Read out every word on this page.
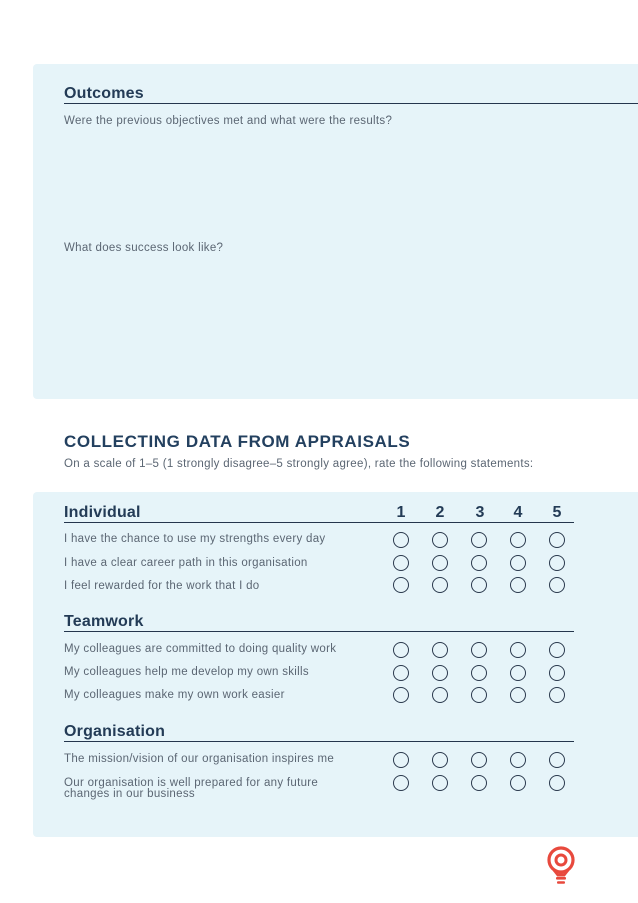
Outcomes

Were the previous objectives met and what were the results?

What does success look like?

COLLECTING DATA FROM APPRAISALS

On a scale of 1–5 (1 strongly disagree–5 strongly agree), rate the following statements:

1 2 3 4 5
Individual

I have the chance to use my strengths every day

I have a clear career path in this organisation

I feel rewarded for the work that I do

Teamwork

My colleagues are committed to doing quality work

My colleagues help me develop my own skills

My colleagues make my own work easier

Organisation

The mission/vision of our organisation inspires me

Our organisation is well prepared for any future changes in our business
